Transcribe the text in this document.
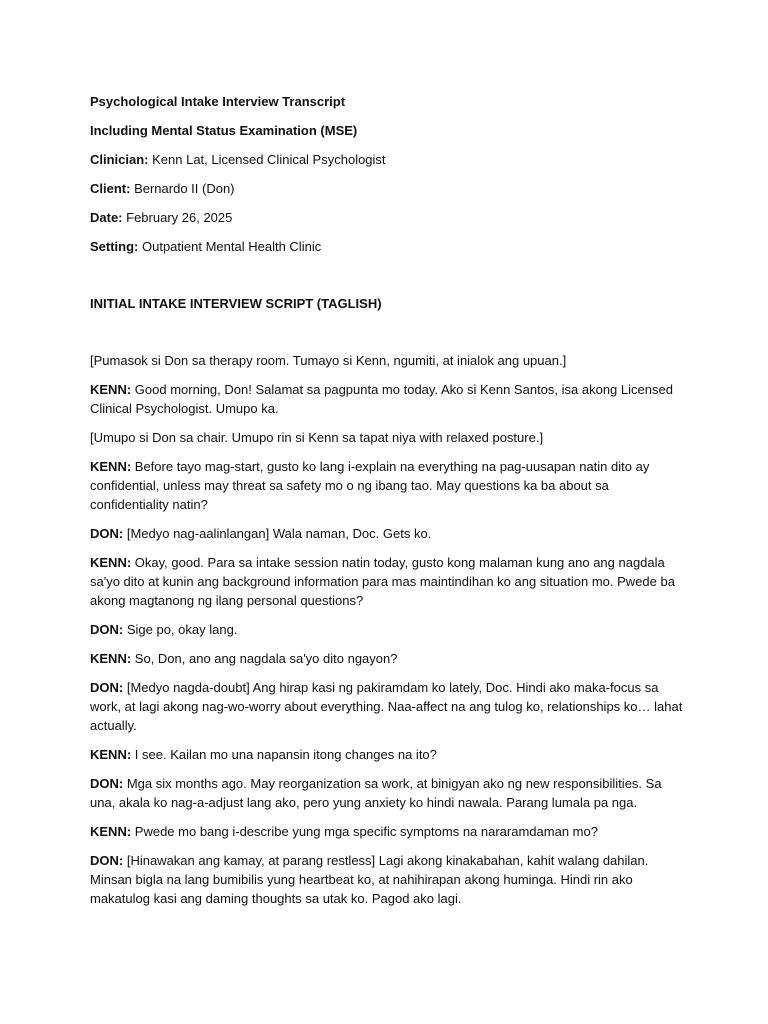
Psychological Intake Interview Transcript

Including Mental Status Examination (MSE)

Clinician: Kenn Lat, Licensed Clinical Psychologist

Client: Bernardo II (Don)

Date: February 26, 2025

Setting: Outpatient Mental Health Clinic

INITIAL INTAKE INTERVIEW SCRIPT (TAGLISH)

[Pumasok si Don sa therapy room. Tumayo si Kenn, ngumiti, at inialok ang upuan.]

KENN: Good morning, Don! Salamat sa pagpunta mo today. Ako si Kenn Santos, isa akong Licensed Clinical Psychologist. Umupo ka.

[Umupo si Don sa chair. Umupo rin si Kenn sa tapat niya with relaxed posture.]

KENN: Before tayo mag-start, gusto ko lang i-explain na everything na pag-uusapan natin dito ay confidential, unless may threat sa safety mo o ng ibang tao. May questions ka ba about sa confidentiality natin?

DON: [Medyo nag-aalinlangan] Wala naman, Doc. Gets ko.

KENN: Okay, good. Para sa intake session natin today, gusto kong malaman kung ano ang nagdala sa'yo dito at kunin ang background information para mas maintindihan ko ang situation mo. Pwede ba akong magtanong ng ilang personal questions?

DON: Sige po, okay lang.

KENN: So, Don, ano ang nagdala sa'yo dito ngayon?

DON: [Medyo nagda-doubt] Ang hirap kasi ng pakiramdam ko lately, Doc. Hindi ako maka-focus sa work, at lagi akong nag-wo-worry about everything. Naa-affect na ang tulog ko, relationships ko… lahat actually.

KENN: I see. Kailan mo una napansin itong changes na ito?

DON: Mga six months ago. May reorganization sa work, at binigyan ako ng new responsibilities. Sa una, akala ko nag-a-adjust lang ako, pero yung anxiety ko hindi nawala. Parang lumala pa nga.

KENN: Pwede mo bang i-describe yung mga specific symptoms na nararamdaman mo?

DON: [Hinawakan ang kamay, at parang restless] Lagi akong kinakabahan, kahit walang dahilan. Minsan bigla na lang bumibilis yung heartbeat ko, at nahihirapan akong huminga. Hindi rin ako makatulog kasi ang daming thoughts sa utak ko. Pagod ako lagi.
